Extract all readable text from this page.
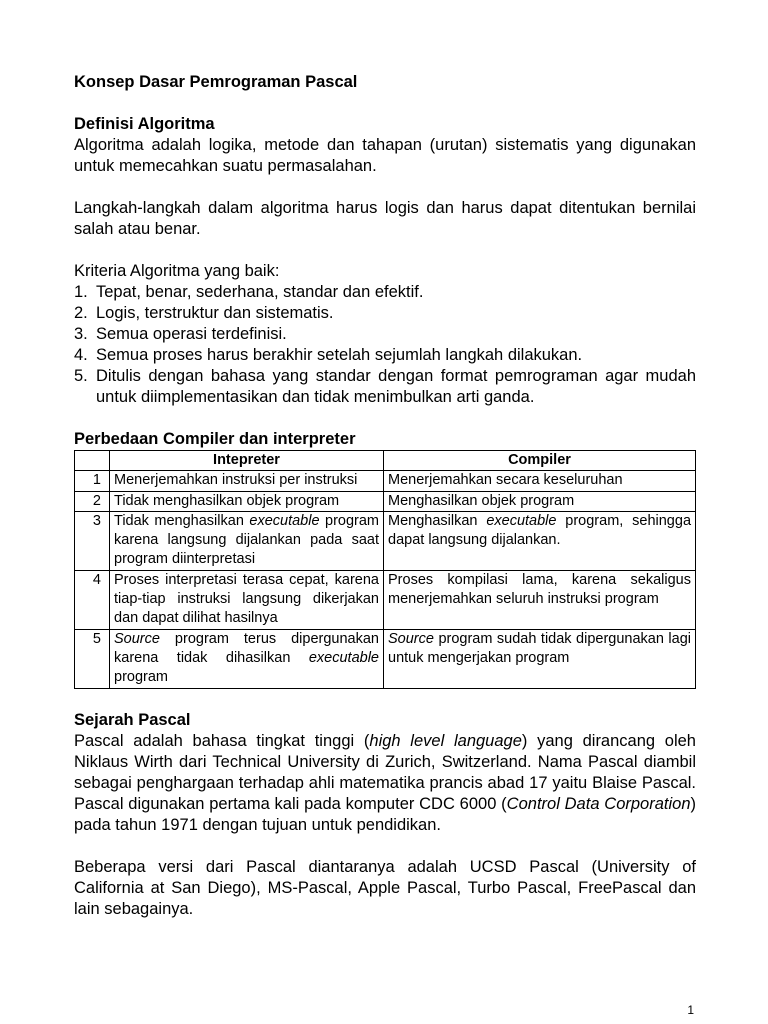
Konsep Dasar Pemrograman Pascal

Definisi Algoritma

Algoritma adalah logika, metode dan tahapan (urutan) sistematis yang digunakan untuk memecahkan suatu permasalahan.

Langkah-langkah dalam algoritma harus logis dan harus dapat ditentukan bernilai salah atau benar.

Kriteria Algoritma yang baik:

1. Tepat, benar, sederhana, standar dan efektif.
2. Logis, terstruktur dan sistematis.
3. Semua operasi terdefinisi.
4. Semua proses harus berakhir setelah sejumlah langkah dilakukan.
5. Ditulis dengan bahasa yang standar dengan format pemrograman agar mudah untuk diimplementasikan dan tidak menimbulkan arti ganda.
Perbedaan Compiler dan interpreter
	Intepreter	Compiler
1	Menerjemahkan instruksi per instruksi	Menerjemahkan secara keseluruhan
2	Tidak menghasilkan objek program	Menghasilkan objek program
3	Tidak menghasilkan executable program karena langsung dijalankan pada saat program diinterpretasi	Menghasilkan executable program, sehingga dapat langsung dijalankan.
4	Proses interpretasi terasa cepat, karena tiap-tiap instruksi langsung dikerjakan dan dapat dilihat hasilnya	Proses kompilasi lama, karena sekaligus menerjemahkan seluruh instruksi program
5	Source program terus dipergunakan karena tidak dihasilkan executable program	Source program sudah tidak dipergunakan lagi untuk mengerjakan program
Sejarah Pascal

Pascal adalah bahasa tingkat tinggi (high level language) yang dirancang oleh Niklaus Wirth dari Technical University di Zurich, Switzerland. Nama Pascal diambil sebagai penghargaan terhadap ahli matematika prancis abad 17 yaitu Blaise Pascal. Pascal digunakan pertama kali pada komputer CDC 6000 (Control Data Corporation) pada tahun 1971 dengan tujuan untuk pendidikan.

Beberapa versi dari Pascal diantaranya adalah UCSD Pascal (University of California at San Diego), MS-Pascal, Apple Pascal, Turbo Pascal, FreePascal dan lain sebagainya.

1
